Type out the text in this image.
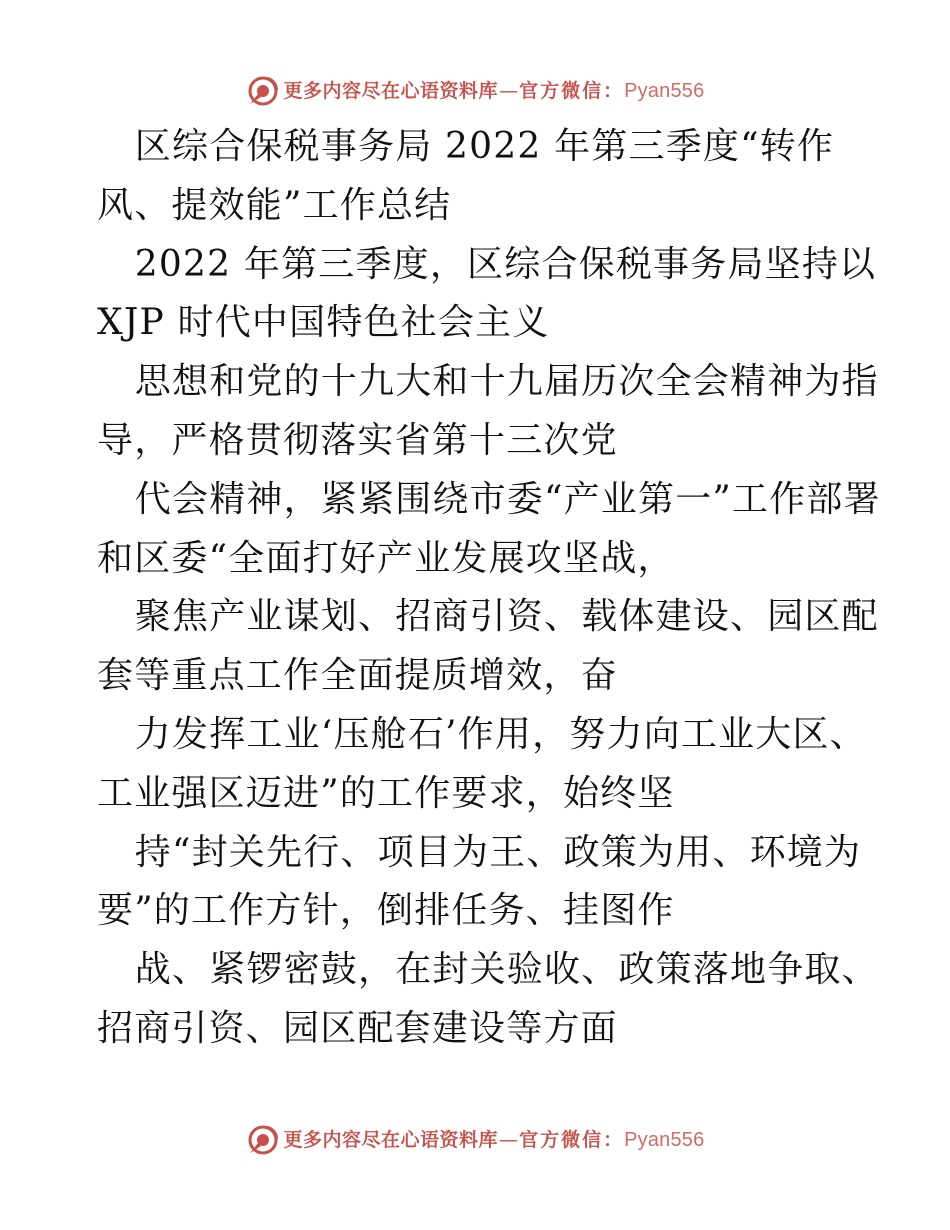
更多内容尽在心语资料库 — 官方微信： Pyan556

区综合保税事务局 2022 年第三季度“转作风、提效能”工作总结

2022 年第三季度，区综合保税事务局坚持以 XJP 时代中国特色社会主义

思想和党的十九大和十九届历次全会精神为指导，严格贯彻落实省第十三次党

代会精神，紧紧围绕市委“产业第一”工作部署和区委“全面打好产业发展攻坚战，

聚焦产业谋划、招商引资、载体建设、园区配套等重点工作全面提质增效，奋

力发挥工业‘压舱石’作用，努力向工业大区、工业强区迈进”的工作要求，始终坚

持“封关先行、项目为王、政策为用、环境为要”的工作方针，倒排任务、挂图作

战、紧锣密鼓，在封关验收、政策落地争取、招商引资、园区配套建设等方面

更多内容尽在心语资料库 — 官方微信： Pyan556
